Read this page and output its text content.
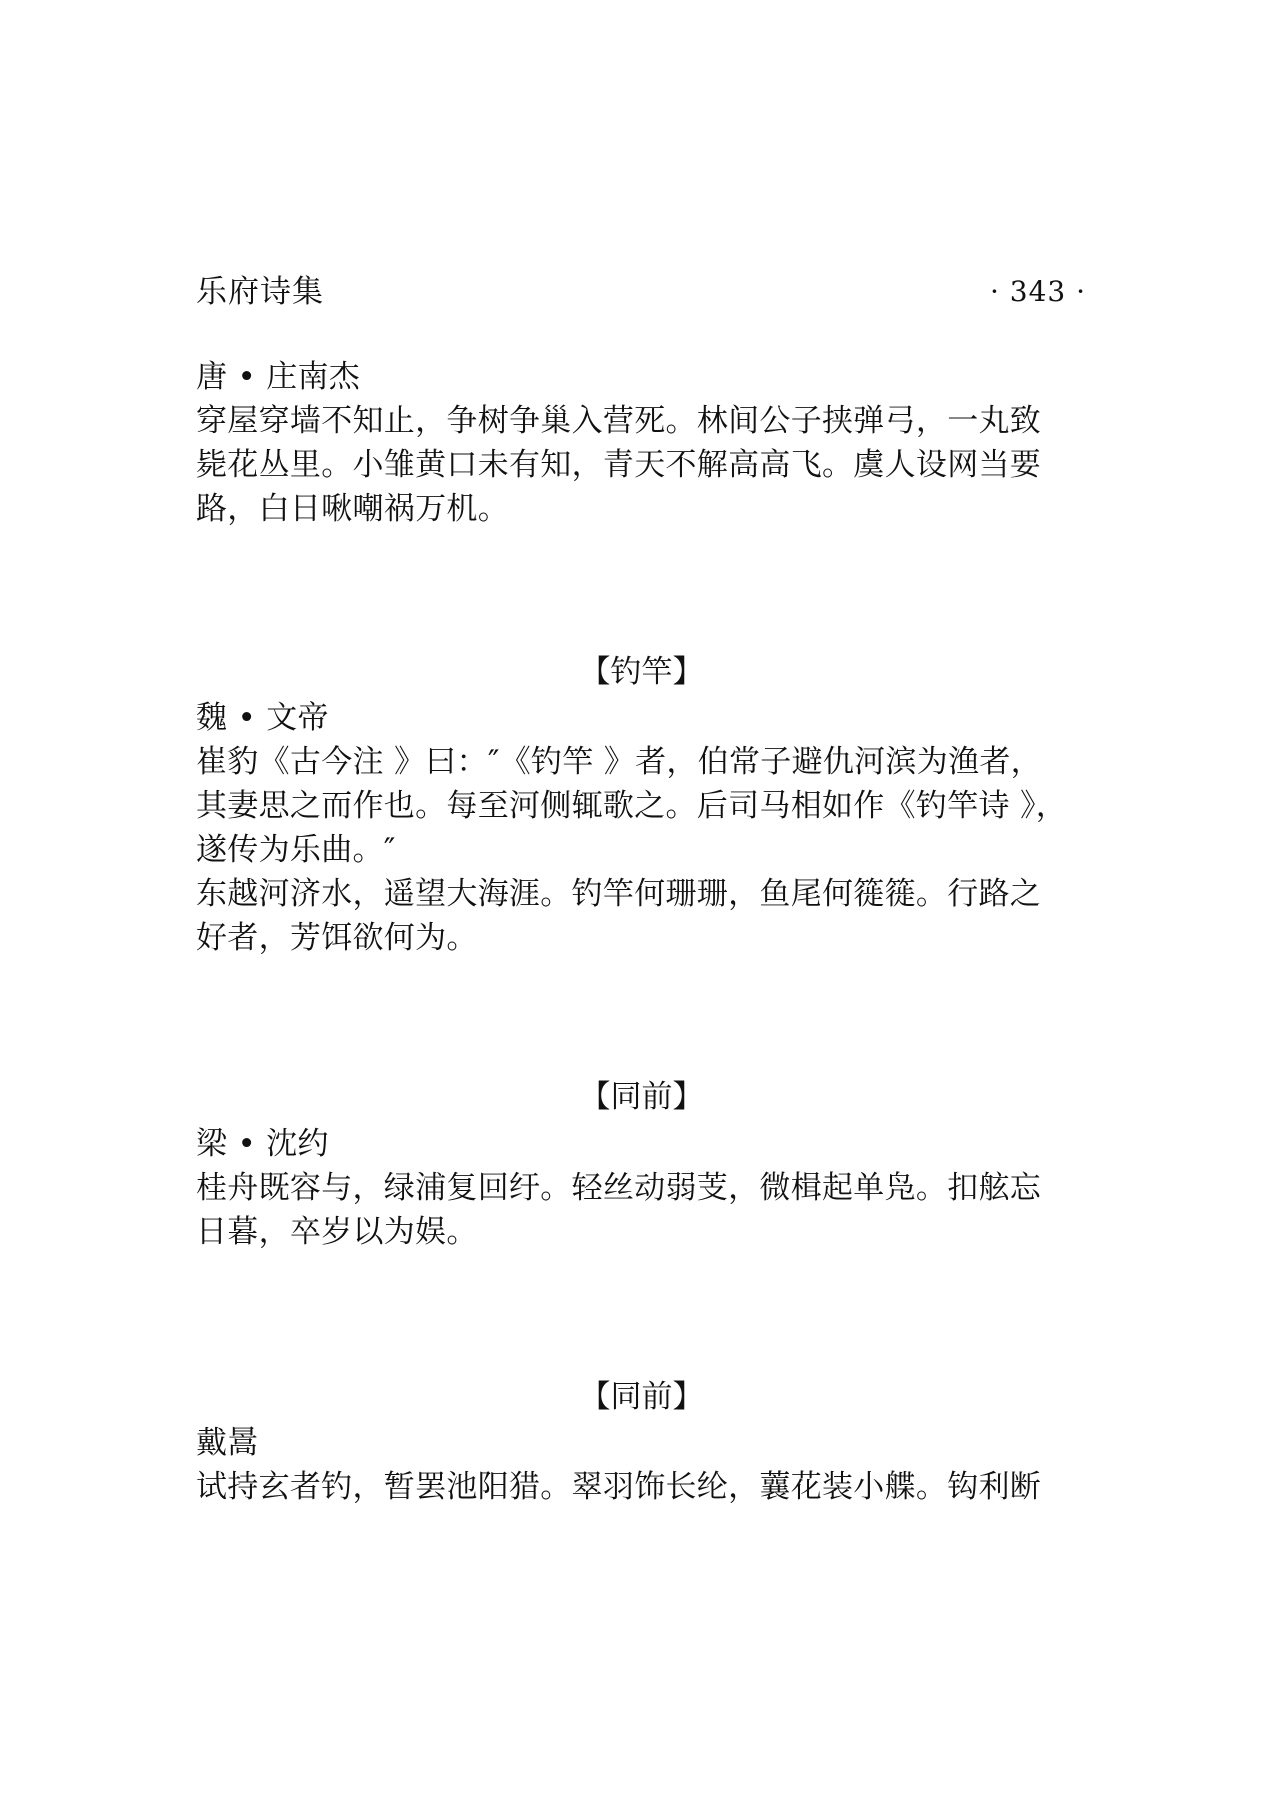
乐府诗集	· 343 ·
唐 • 庄南杰
穿屋穿墙不知止，争树争巢入营死。林间公子挟弹弓，一丸致
毙花丛里。小雏黄口未有知，青天不解高高飞。虞人设网当要
路，白日啾嘲祸万机。
【钓竿】
魏 • 文帝
崔豹《古今注 》曰：″《钓竿 》者，伯常子避仇河滨为渔者，
其妻思之而作也。每至河侧辄歌之。后司马相如作《钓竿诗 》，
遂传为乐曲。″
东越河济水，遥望大海涯。钓竿何珊珊，鱼尾何簁簁。行路之
好者，芳饵欲何为。
【同前】
梁 • 沈约
桂舟既容与，绿浦复回纡。轻丝动弱芰，微楫起单凫。扣舷忘
日暮，卒岁以为娱。
【同前】
戴暠
试持玄者钓，暂罢池阳猎。翠羽饰长纶，蘘花装小艓。钩利断
